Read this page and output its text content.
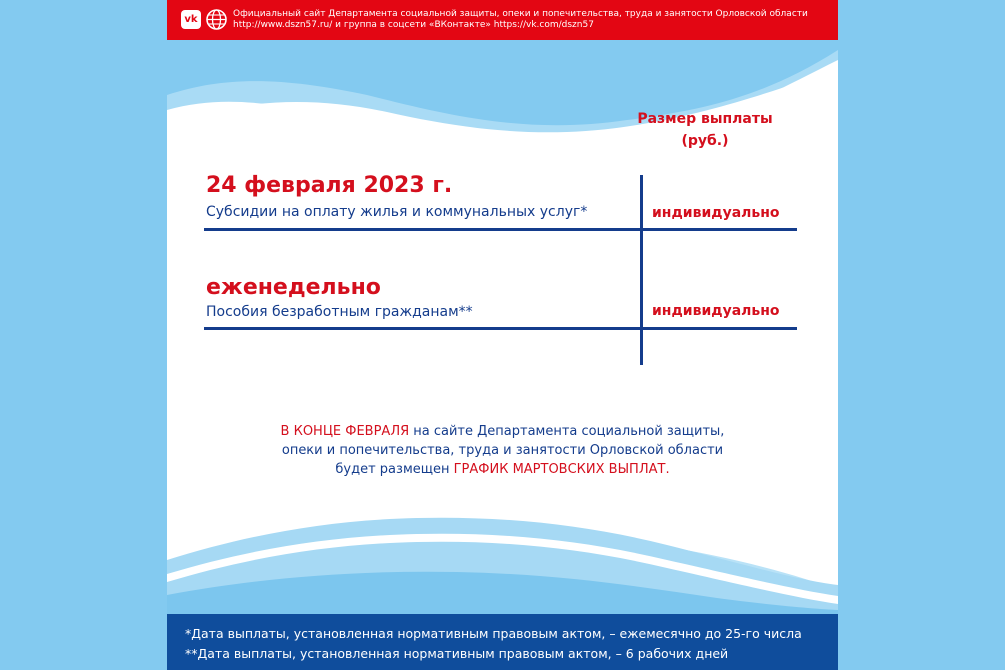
vk	Официальный сайт Департамента социальной защиты, опеки и попечительства, труда и занятости Орловской области
http://www.dszn57.ru/ и группа в соцсети «ВКонтакте» https://vk.com/dszn57
Размер выплаты
(руб.)
24 февраля 2023 г.
Субсидии на оплату жилья и коммунальных услуг*	индивидуально
еженедельно
Пособия безработным гражданам**	индивидуально
В КОНЦЕ ФЕВРАЛЯ на сайте Департамента социальной защиты,
опеки и попечительства, труда и занятости Орловской области
будет размещен ГРАФИК МАРТОВСКИХ ВЫПЛАТ.
*Дата выплаты, установленная нормативным правовым актом, – ежемесячно до 25-го числа
**Дата выплаты, установленная нормативным правовым актом, – 6 рабочих дней
